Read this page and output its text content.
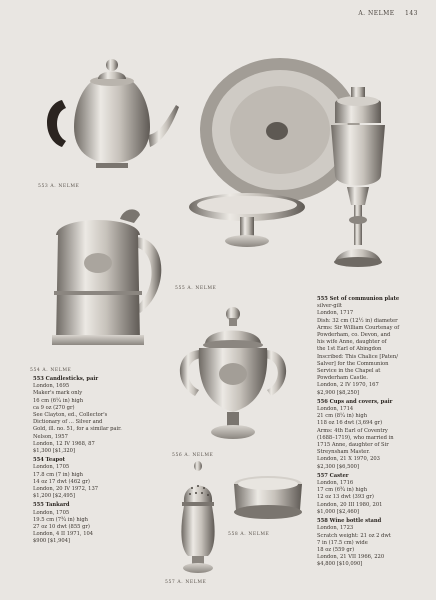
A. NELME 143
553 A. NELME
555 A. NELME
554 A. NELME
553 Candlesticks, pair
London, 1695
Maker's mark only
16 cm (6¼ in) high
ca 9 oz (270 gr)
See Clayton, ed., Collector's
Dictionary of … Silver and
Gold, ill. no. 51, for a similar pair.
Nelson, 1957
London, 12 IV 1968, 87
$1,300 [$1,320]
554 Teapot
London, 1705
17.8 cm (7 in) high
14 oz 17 dwt (462 gr)
London, 20 IV 1972, 137
$1,200 [$2,495]
555 Tankard
London, 1705
19.5 cm (7¾ in) high
27 oz 10 dwt (855 gr)
London, 4 II 1971, 104
$900 [$1,904]
556 A. NELME
557 A. NELME
558 A. NELME
555 Set of communion plate
silver-gilt
London, 1717
Dish: 32 cm (12½ in) diameter
Arms: Sir William Courtenay of
Powderham, co. Devon, and
his wife Anne, daughter of
the 1st Earl of Abingdon
Inscribed: This Chalice [Paten/
Salver] for the Communion
Service in the Chapel at
Powderham Castle.
London, 2 IV 1970, 167
$2,900 [$8,250]
556 Cups and covers, pair
London, 1714
21 cm (8¼ in) high
118 oz 16 dwt (3,694 gr)
Arms: 4th Earl of Coventry
(1688–1719), who married in
1715 Anne, daughter of Sir
Streynsham Master.
London, 21 X 1970, 203
$2,300 [$6,500]
557 Caster
London, 1716
17 cm (6¾ in) high
12 oz 13 dwt (393 gr)
London, 20 III 1980, 201
$1,000 [$2,460]
558 Wine bottle stand
London, 1723
Scratch weight: 21 oz 2 dwt
7 in (17.5 cm) wide
18 oz (559 gr)
London, 21 VII 1966, 220
$4,800 [$10,090]
